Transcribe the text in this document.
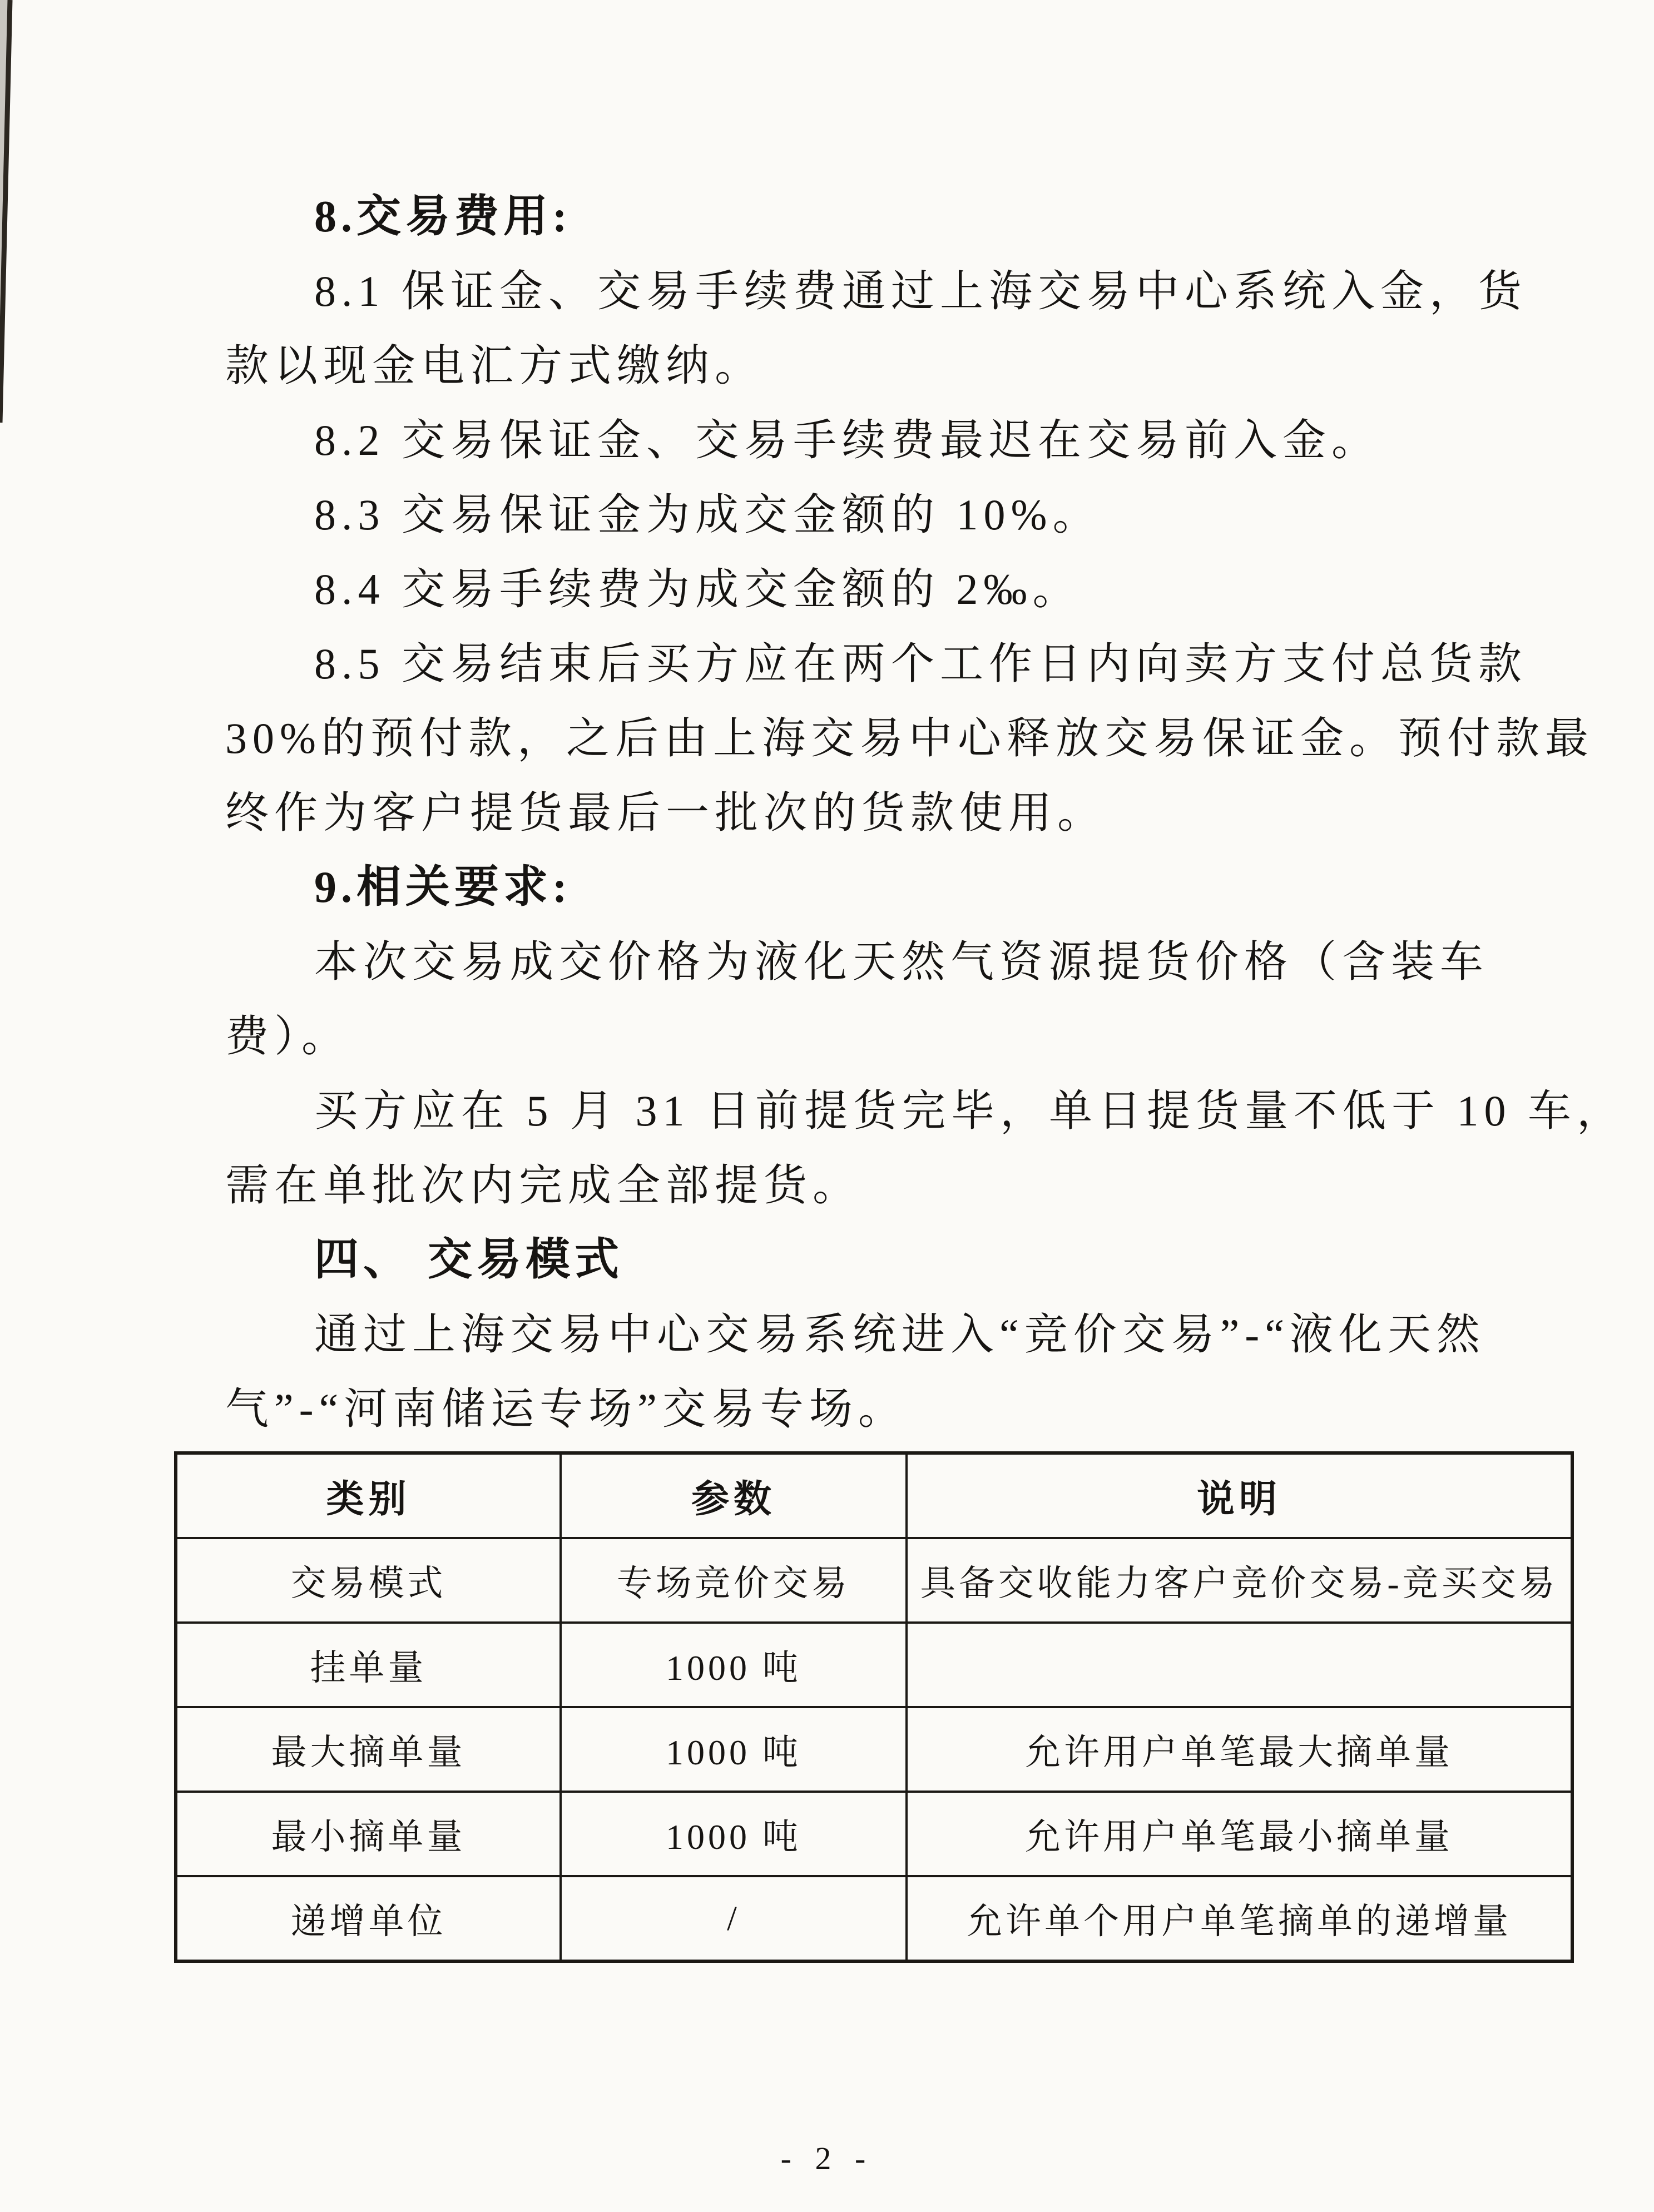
8.交易费用:
8.1 保证金、交易手续费通过上海交易中心系统入金，货
款以现金电汇方式缴纳。
8.2 交易保证金、交易手续费最迟在交易前入金。
8.3 交易保证金为成交金额的 10%。
8.4 交易手续费为成交金额的 2‰。
8.5 交易结束后买方应在两个工作日内向卖方支付总货款
30%的预付款，之后由上海交易中心释放交易保证金。预付款最
终作为客户提货最后一批次的货款使用。
9.相关要求:
本次交易成交价格为液化天然气资源提货价格（含装车
费）。
买方应在 5 月 31 日前提货完毕，单日提货量不低于 10 车，
需在单批次内完成全部提货。
四、 交易模式
通过上海交易中心交易系统进入“竞价交易”-“液化天然
气”-“河南储运专场”交易专场。
类别	参数	说明
交易模式	专场竞价交易	具备交收能力客户竞价交易-竞买交易
挂单量	1000 吨	
最大摘单量	1000 吨	允许用户单笔最大摘单量
最小摘单量	1000 吨	允许用户单笔最小摘单量
递增单位	/	允许单个用户单笔摘单的递增量
- 2 -
